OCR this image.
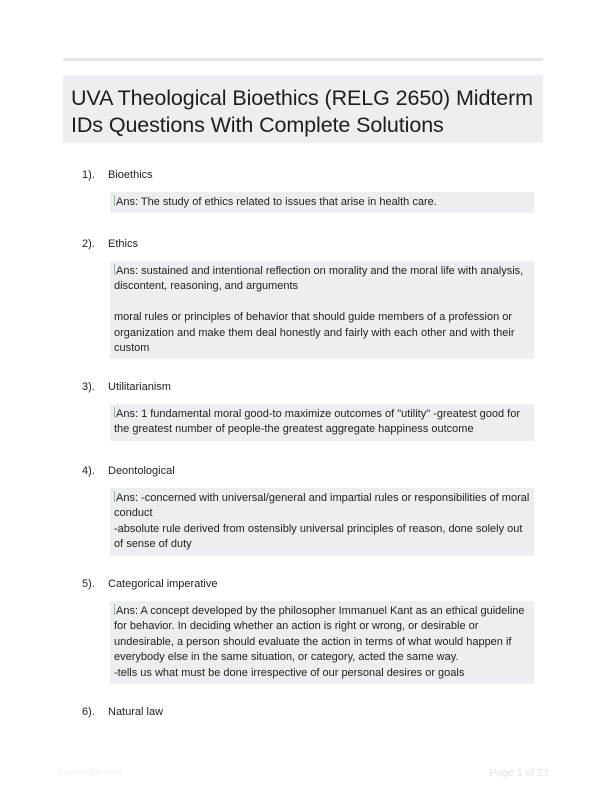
UVA Theological Bioethics (RELG 2650) Midterm IDs Questions With Complete Solutions
1). Bioethics

Ans: The study of ethics related to issues that arise in health care.

2). Ethics

Ans: sustained and intentional reflection on morality and the moral life with analysis, discontent, reasoning, and arguments

moral rules or principles of behavior that should guide members of a profession or organization and make them deal honestly and fairly with each other and with their custom

3). Utilitarianism

Ans: 1 fundamental moral good-to maximize outcomes of "utility" -greatest good for the greatest number of people-the greatest aggregate happiness outcome

4). Deontological

Ans: -concerned with universal/general and impartial rules or responsibilities of moral conduct

-absolute rule derived from ostensibly universal principles of reason, done solely out of sense of duty

5). Categorical imperative

Ans: A concept developed by the philosopher Immanuel Kant as an ethical guideline for behavior. In deciding whether an action is right or wrong, or desirable or undesirable, a person should evaluate the action in terms of what would happen if everybody else in the same situation, or category, acted the same way.

-tells us what must be done irrespective of our personal desires or goals

6). Natural law
Paperfolio.com	Page 1 of 23
